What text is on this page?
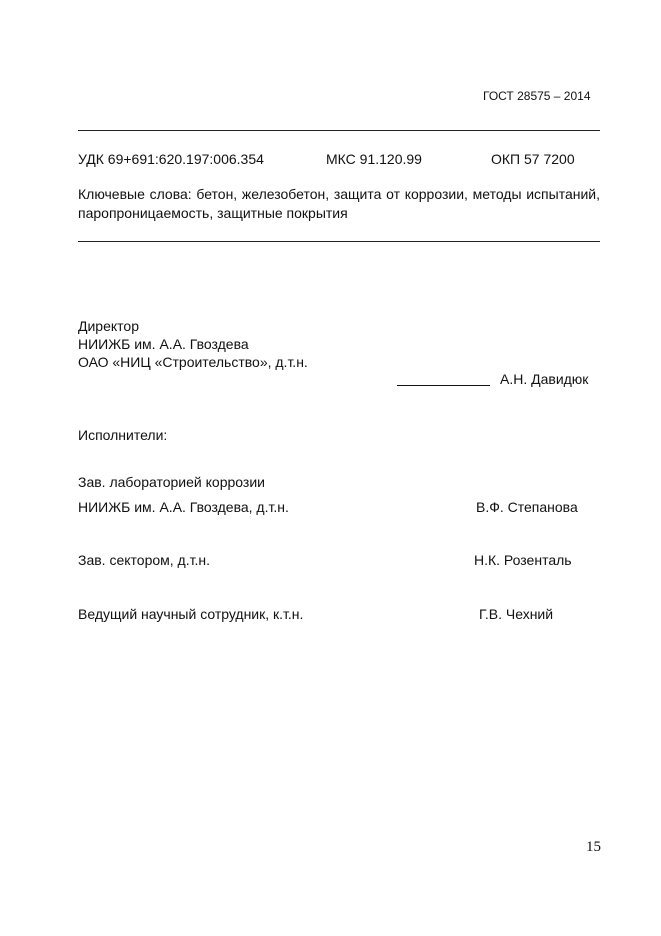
ГОСТ 28575 – 2014
УДК 69+691:620.197:006.354	МКС 91.120.99	ОКП 57 7200
Ключевые слова: бетон, железобетон, защита от коррозии, методы испытаний, паропроницаемость, защитные покрытия
Директор
НИИЖБ им. А.А. Гвоздева
ОАО «НИЦ «Строительство», д.т.н.
А.Н. Давидюк
Исполнители:
Зав. лабораторией коррозии
НИИЖБ им. А.А. Гвоздева, д.т.н.	В.Ф. Степанова
Зав. сектором, д.т.н.	Н.К. Розенталь
Ведущий научный сотрудник, к.т.н.	Г.В. Чехний
15
